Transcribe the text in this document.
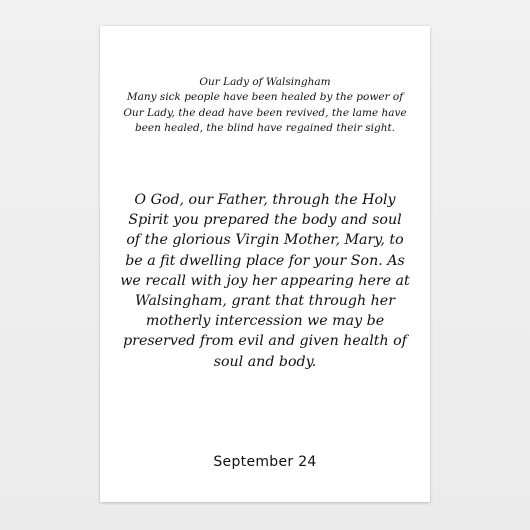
Our Lady of Walsingham
Many sick people have been healed by the power of
Our Lady, the dead have been revived, the lame have
been healed, the blind have regained their sight.
O God, our Father, through the Holy
Spirit you prepared the body and soul
of the glorious Virgin Mother, Mary, to
be a fit dwelling place for your Son. As
we recall with joy her appearing here at
Walsingham, grant that through her
motherly intercession we may be
preserved from evil and given health of
soul and body.
September 24
